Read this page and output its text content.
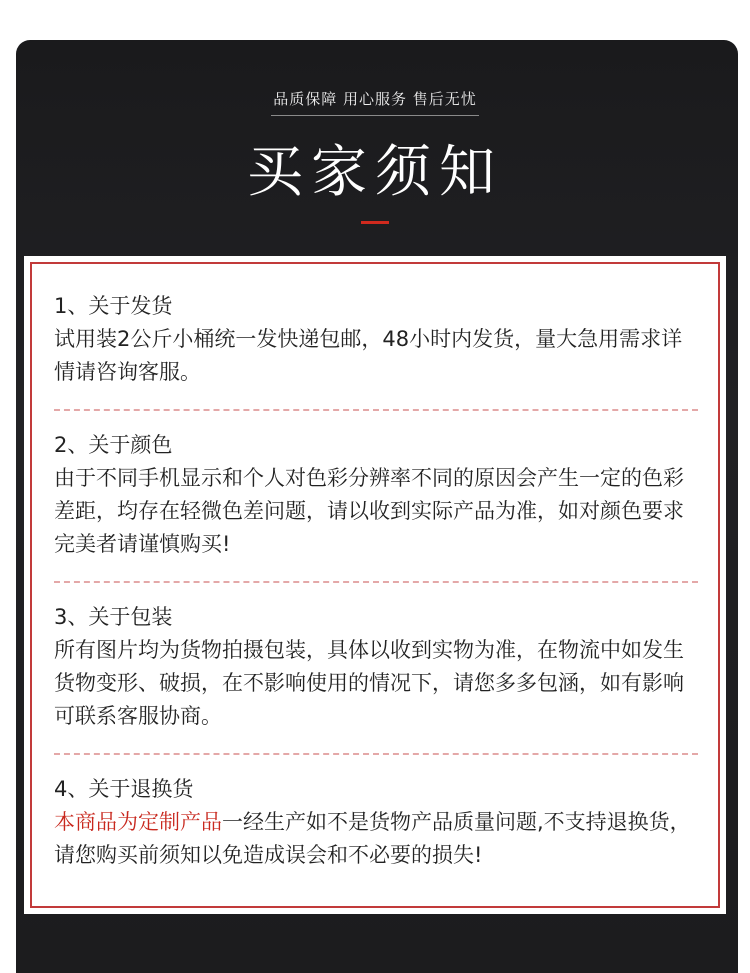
品质保障 用心服务 售后无忧
买家须知
1、关于发货
试用装2公斤小桶统一发快递包邮，48小时内发货，量大急用需求详情请咨询客服。
2、关于颜色
由于不同手机显示和个人对色彩分辨率不同的原因会产生一定的色彩差距，均存在轻微色差问题，请以收到实际产品为准，如对颜色要求完美者请谨慎购买!
3、关于包装
所有图片均为货物拍摄包装，具体以收到实物为准，在物流中如发生货物变形、破损，在不影响使用的情况下，请您多多包涵，如有影响可联系客服协商。
4、关于退换货
本商品为定制产品一经生产如不是货物产品质量问题,不支持退换货，请您购买前须知以免造成误会和不必要的损失!
